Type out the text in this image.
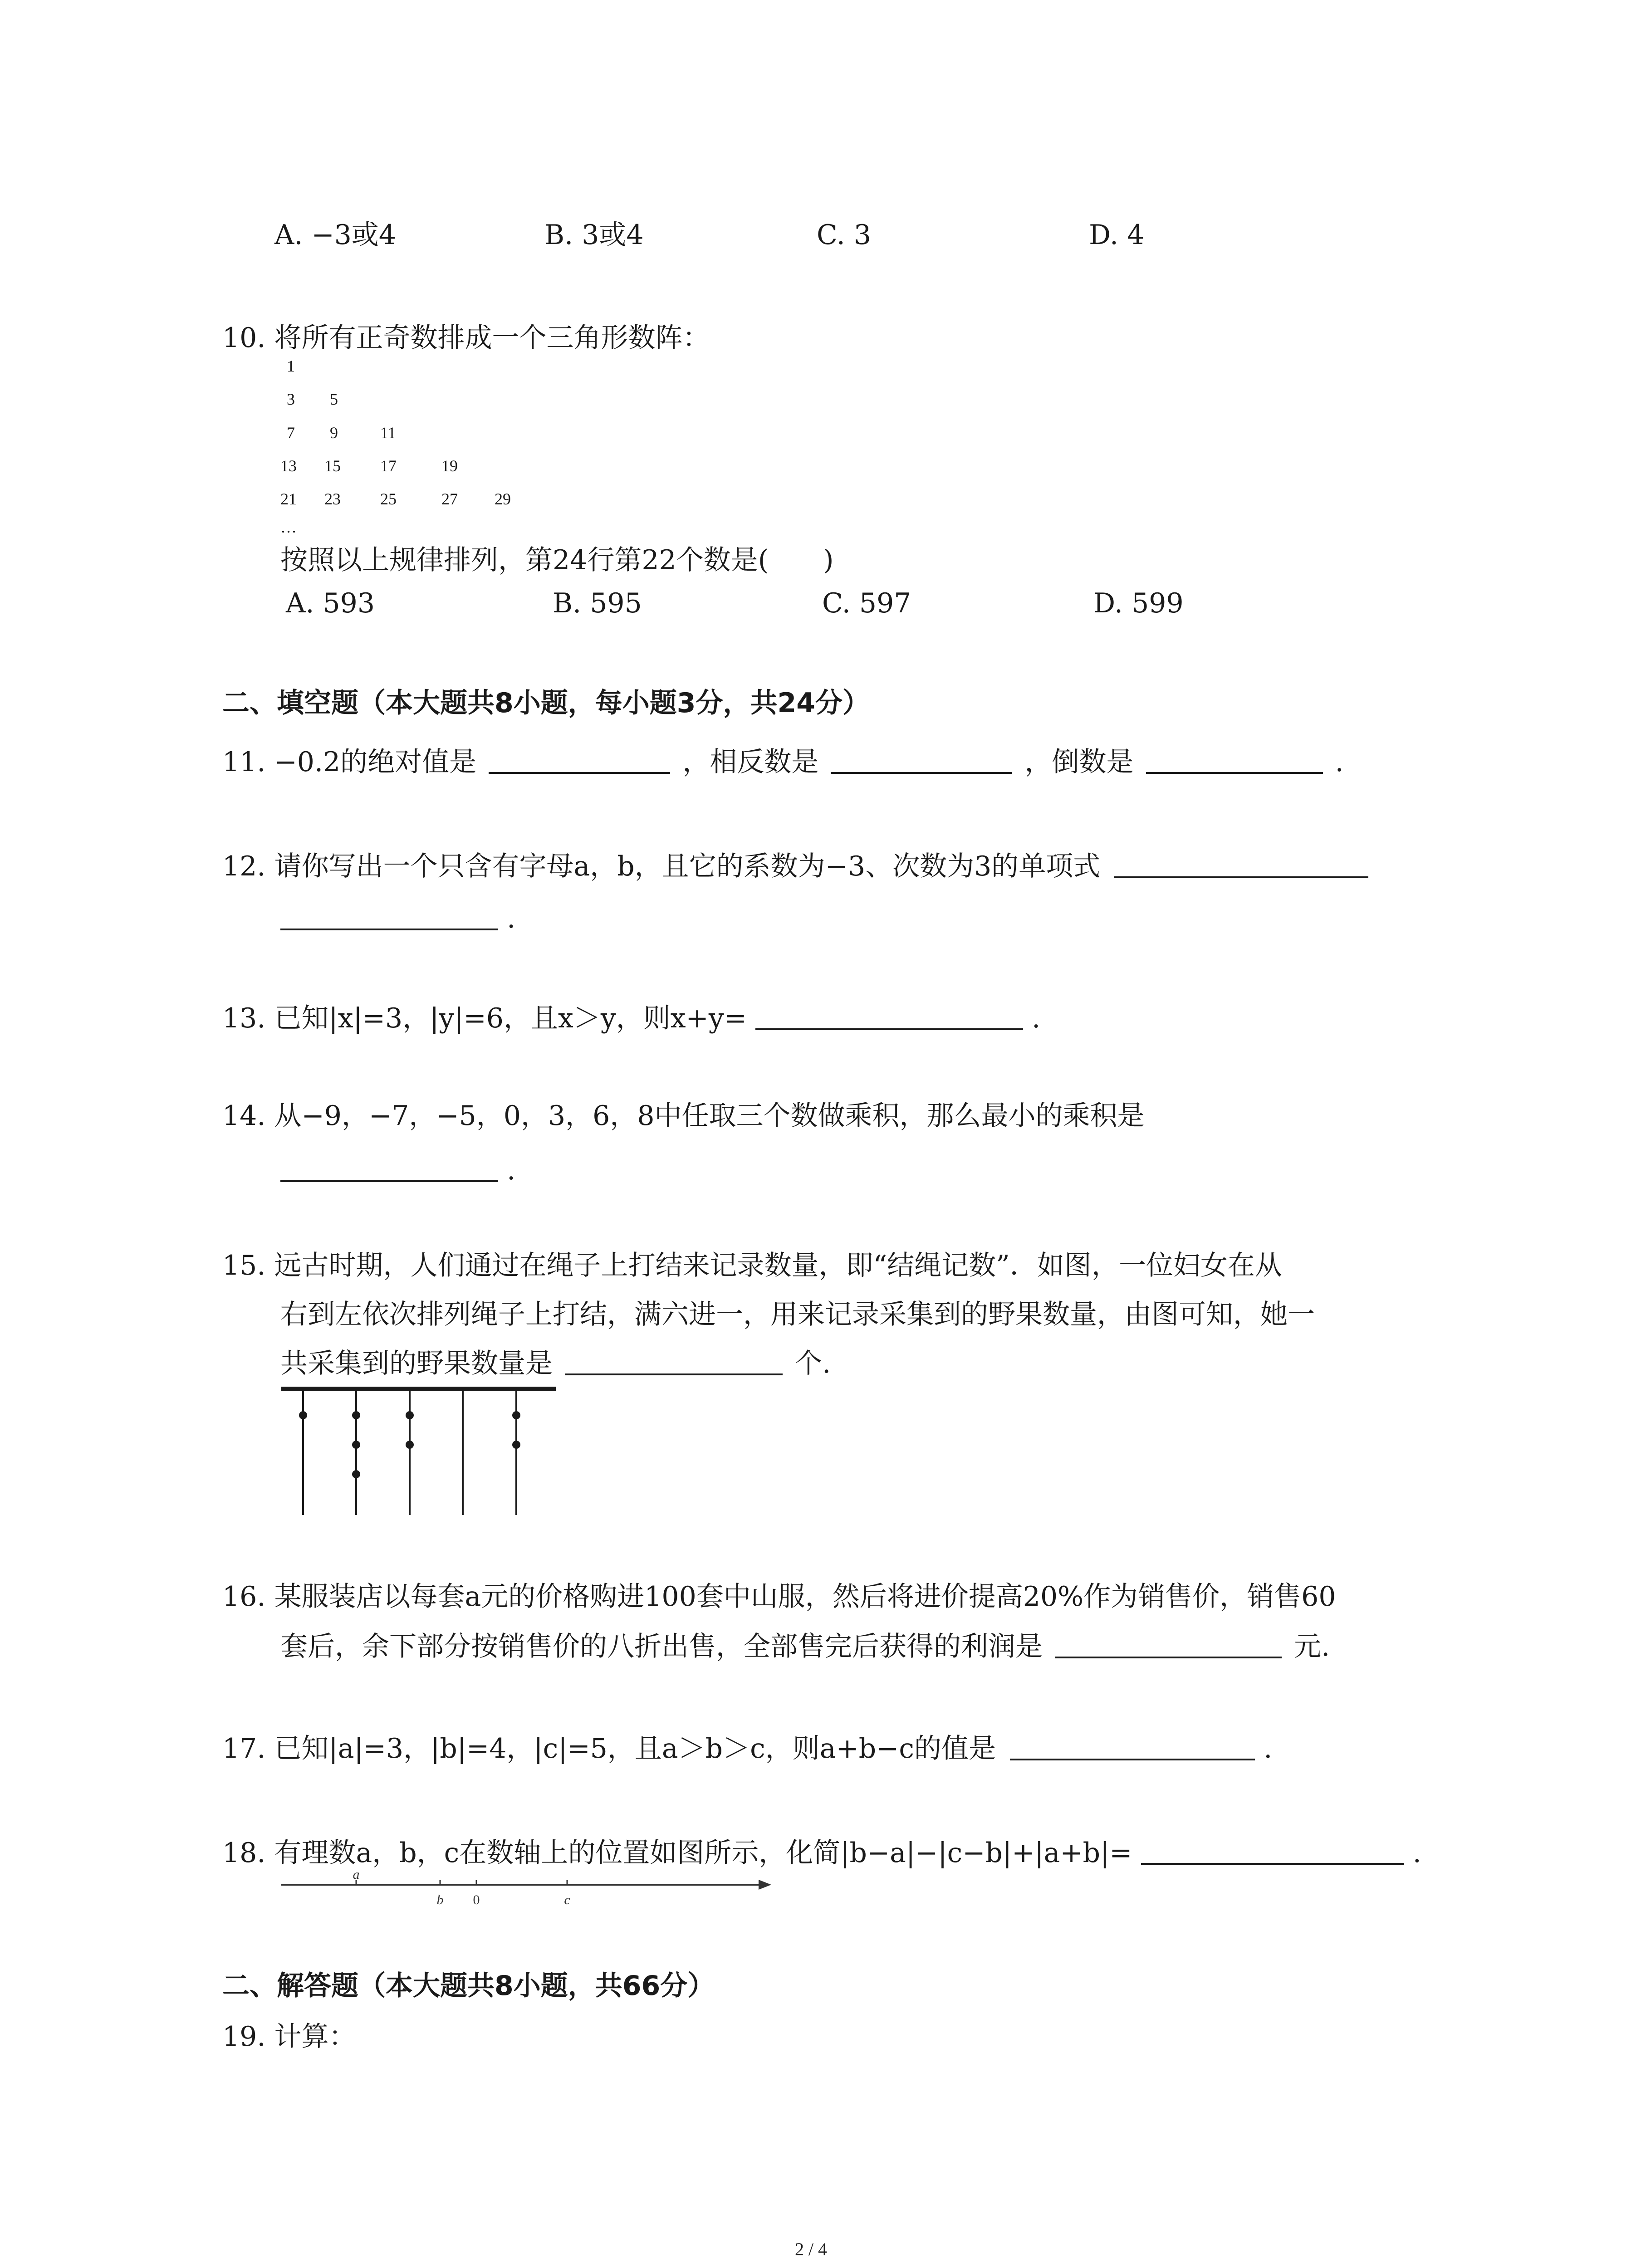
A. −3或4	B. 3或4	C. 3	D. 4
10. 将所有正奇数排成一个三角形数阵：
1
3 5
7 9	11
13 15 17	19
21 23 25	27 29
…
按照以上规律排列，第24行第22个数是(　　)
A. 593	B. 595	C. 597	D. 599
二、填空题（本大题共8小题，每小题3分，共24分）
11. −0.2的绝对值是	，相反数是	，倒数是	.
12. 请你写出一个只含有字母a，b，且它的系数为−3、次数为3的单项式
.
13. 已知|x|=3，|y|=6，且x＞y，则x+y=	.
14. 从−9，−7，−5，0，3，6，8中任取三个数做乘积，那么最小的乘积是
.
15. 远古时期，人们通过在绳子上打结来记录数量，即“结绳记数”．如图，一位妇女在从
右到左依次排列绳子上打结，满六进一，用来记录采集到的野果数量，由图可知，她一
共采集到的野果数量是	个.
16. 某服装店以每套a元的价格购进100套中山服，然后将进价提高20%作为销售价，销售60
套后，余下部分按销售价的八折出售，全部售完后获得的利润是	元.
17. 已知|a|=3，|b|=4，|c|=5，且a＞b＞c，则a+b−c的值是	.
18. 有理数a，b，c在数轴上的位置如图所示，化简|b−a|−|c−b|+|a+b|=	.
a
b 0	c
二、解答题（本大题共8小题，共66分）
19. 计算：
2 / 4
